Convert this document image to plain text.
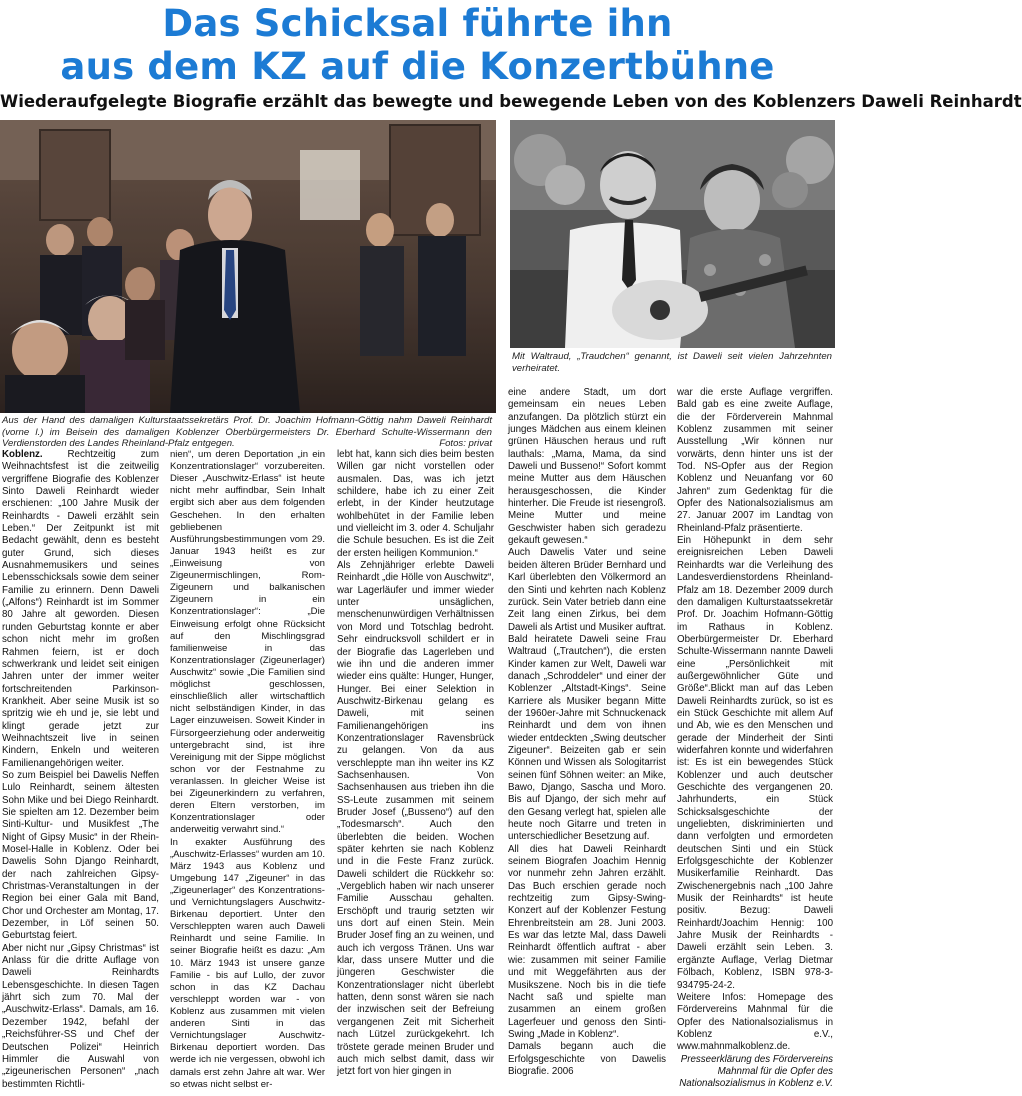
Das Schicksal führte ihn
aus dem KZ auf die Konzertbühne
Wiederaufgelegte Biografie erzählt das bewegte und bewegende Leben von des Koblenzers Daweli Reinhardt
Aus der Hand des damaligen Kulturstaatssekretärs Prof. Dr. Joachim Hofmann-Göttig nahm Daweli Reinhardt (vorne l.) im Beisein des damaligen Koblenzer Oberbürgermeisters Dr. Eberhard Schulte-Wissermann den Verdienstorden des Landes Rheinland-Pfalz entgegen.	Fotos: privat
Mit Waltraud, „Traudchen“ genannt, ist Daweli seit vielen Jahrzehnten verheiratet.

Koblenz. Rechtzeitig zum Weihnachtsfest ist die zeitweilig vergriffene Biografie des Koblenzer Sinto Daweli Reinhardt wieder erschienen: „100 Jahre Musik der Reinhardts - Daweli erzählt sein Leben.“ Der Zeitpunkt ist mit Bedacht gewählt, denn es besteht guter Grund, sich dieses Ausnahmemusikers und seines Lebensschicksals sowie dem seiner Familie zu erinnern. Denn Daweli („Alfons“) Reinhardt ist im Sommer 80 Jahre alt geworden. Diesen runden Geburtstag konnte er aber schon nicht mehr im großen Rahmen feiern, ist er doch schwerkrank und leidet seit einigen Jahren unter der immer weiter fortschreitenden Parkinson-Krankheit. Aber seine Musik ist so spritzig wie eh und je, sie lebt und klingt gerade jetzt zur Weihnachtszeit live in seinen Kindern, Enkeln und weiteren Familienangehörigen weiter.

So zum Beispiel bei Dawelis Neffen Lulo Reinhardt, seinem ältesten Sohn Mike und bei Diego Reinhardt. Sie spielten am 12. Dezember beim Sinti-Kultur- und Musikfest „The Night of Gipsy Music“ in der Rhein-Mosel-Halle in Koblenz. Oder bei Dawelis Sohn Django Reinhardt, der nach zahlreichen Gipsy-Christmas-Veranstaltungen in der Region bei einer Gala mit Band, Chor und Orchester am Montag, 17. Dezember, in Löf seinen 50. Geburtstag feiert.

Aber nicht nur „Gipsy Christmas“ ist Anlass für die dritte Auflage von Daweli Reinhardts Lebensgeschichte. In diesen Tagen jährt sich zum 70. Mal der „Auschwitz-Erlass“. Damals, am 16. Dezember 1942, befahl der „Reichsführer-SS und Chef der Deutschen Polizei“ Heinrich Himmler die Auswahl von „zigeunerischen Personen“ „nach bestimmten Richtli-

nien“, um deren Deportation „in ein Konzentrationslager“ vorzubereiten. Dieser „Auschwitz-Erlass“ ist heute nicht mehr auffindbar, Sein Inhalt ergibt sich aber aus dem folgenden Geschehen. In den erhalten gebliebenen Ausführungsbestimmungen vom 29. Januar 1943 heißt es zur „Einweisung von Zigeunermischlingen, Rom-Zigeunern und balkanischen Zigeunern in ein Konzentrationslager“: „Die Einweisung erfolgt ohne Rücksicht auf den Mischlingsgrad familienweise in das Konzentrationslager (Zigeunerlager) Auschwitz“ sowie „Die Familien sind möglichst geschlossen, einschließlich aller wirtschaftlich nicht selbständigen Kinder, in das Lager einzuweisen. Soweit Kinder in Fürsorgeerziehung oder anderweitig untergebracht sind, ist ihre Vereinigung mit der Sippe möglichst schon vor der Festnahme zu veranlassen. In gleicher Weise ist bei Zigeunerkindern zu verfahren, deren Eltern verstorben, im Konzentrationslager oder anderweitig verwahrt sind.“

In exakter Ausführung des „Auschwitz-Erlasses“ wurden am 10. März 1943 aus Koblenz und Umgebung 147 „Zigeuner“ in das „Zigeunerlager“ des Konzentrations- und Vernichtungslagers Auschwitz-Birkenau deportiert. Unter den Verschleppten waren auch Daweli Reinhardt und seine Familie. In seiner Biografie heißt es dazu: „Am 10. März 1943 ist unsere ganze Familie - bis auf Lullo, der zuvor schon in das KZ Dachau verschleppt worden war - von Koblenz aus zusammen mit vielen anderen Sinti in das Vernichtungslager Auschwitz-Birkenau deportiert worden. Das werde ich nie vergessen, obwohl ich damals erst zehn Jahre alt war. Wer so etwas nicht selbst er-

lebt hat, kann sich dies beim besten Willen gar nicht vorstellen oder ausmalen. Das, was ich jetzt schildere, habe ich zu einer Zeit erlebt, in der Kinder heutzutage wohlbehütet in der Familie leben und vielleicht im 3. oder 4. Schuljahr die Schule besuchen. Es ist die Zeit der ersten heiligen Kommunion.“

Als Zehnjähriger erlebte Daweli Reinhardt „die Hölle von Auschwitz“, war Lagerläufer und immer wieder unter unsäglichen, menschenunwürdigen Verhältnissen von Mord und Totschlag bedroht. Sehr eindrucksvoll schildert er in der Biografie das Lagerleben und wie ihn und die anderen immer wieder eins quälte: Hunger, Hunger, Hunger. Bei einer Selektion in Auschwitz-Birkenau gelang es Daweli, mit seinen Familienangehörigen ins Konzentrationslager Ravensbrück zu gelangen. Von da aus verschleppte man ihn weiter ins KZ Sachsenhausen. Von Sachsenhausen aus trieben ihn die SS-Leute zusammen mit seinem Bruder Josef („Busseno“) auf den „Todesmarsch“. Auch den überlebten die beiden. Wochen später kehrten sie nach Koblenz und in die Feste Franz zurück. Daweli schildert die Rückkehr so: „Vergeblich haben wir nach unserer Familie Ausschau gehalten. Erschöpft und traurig setzten wir uns dort auf einen Stein. Mein Bruder Josef fing an zu weinen, und auch ich vergoss Tränen. Uns war klar, dass unsere Mutter und die jüngeren Geschwister die Konzentrationslager nicht überlebt hatten, denn sonst wären sie nach der inzwischen seit der Befreiung vergangenen Zeit mit Sicherheit nach Lützel zurückgekehrt. Ich tröstete gerade meinen Bruder und auch mich selbst damit, dass wir jetzt fort von hier gingen in

eine andere Stadt, um dort gemeinsam ein neues Leben anzufangen. Da plötzlich stürzt ein junges Mädchen aus einem kleinen grünen Häuschen heraus und ruft lauthals: „Mama, Mama, da sind Daweli und Busseno!“ Sofort kommt meine Mutter aus dem Häuschen herausgeschossen, die Kinder hinterher. Die Freude ist riesengroß. Meine Mutter und meine Geschwister haben sich geradezu gekauft gewesen.“

Auch Dawelis Vater und seine beiden älteren Brüder Bernhard und Karl überlebten den Völkermord an den Sinti und kehrten nach Koblenz zurück. Sein Vater betrieb dann eine Zeit lang einen Zirkus, bei dem Daweli als Artist und Musiker auftrat. Bald heiratete Daweli seine Frau Waltraud („Trautchen“), die ersten Kinder kamen zur Welt, Daweli war danach „Schroddeler“ und einer der Koblenzer „Altstadt-Kings“. Seine Karriere als Musiker begann Mitte der 1960er-Jahre mit Schnuckenack Reinhardt und dem von ihnen wieder entdeckten „Swing deutscher Zigeuner“. Beizeiten gab er sein Können und Wissen als Sologitarrist seinen fünf Söhnen weiter: an Mike, Bawo, Django, Sascha und Moro. Bis auf Django, der sich mehr auf den Gesang verlegt hat, spielen alle heute noch Gitarre und treten in unterschiedlicher Besetzung auf.

All dies hat Daweli Reinhardt seinem Biografen Joachim Hennig vor nunmehr zehn Jahren erzählt. Das Buch erschien gerade noch rechtzeitig zum Gipsy-Swing-Konzert auf der Koblenzer Festung Ehrenbreitstein am 28. Juni 2003. Es war das letzte Mal, dass Daweli Reinhardt öffentlich auftrat - aber wie: zusammen mit seiner Familie und mit Weggefährten aus der Musikszene. Noch bis in die tiefe Nacht saß und spielte man zusammen an einem großen Lagerfeuer und genoss den Sinti-Swing „Made in Koblenz“.

Damals begann auch die Erfolgsgeschichte von Dawelis Biografie. 2006

war die erste Auflage vergriffen. Bald gab es eine zweite Auflage, die der Förderverein Mahnmal Koblenz zusammen mit seiner Ausstellung „Wir können nur vorwärts, denn hinter uns ist der Tod. NS-Opfer aus der Region Koblenz und Neuanfang vor 60 Jahren“ zum Gedenktag für die Opfer des Nationalsozialismus am 27. Januar 2007 im Landtag von Rheinland-Pfalz präsentierte.

Ein Höhepunkt in dem sehr ereignisreichen Leben Daweli Reinhardts war die Verleihung des Landesverdienstordens Rheinland-Pfalz am 18. Dezember 2009 durch den damaligen Kulturstaatssekretär Prof. Dr. Joachim Hofmann-Göttig im Rathaus in Koblenz. Oberbürgermeister Dr. Eberhard Schulte-Wissermann nannte Daweli eine „Persönlichkeit mit außergewöhnlicher Güte und Größe“.Blickt man auf das Leben Daweli Reinhardts zurück, so ist es ein Stück Geschichte mit allem Auf und Ab, wie es den Menschen und gerade der Minderheit der Sinti widerfahren konnte und widerfahren ist: Es ist ein bewegendes Stück Koblenzer und auch deutscher Geschichte des vergangenen 20. Jahrhunderts, ein Stück Schicksalsgeschichte der ungeliebten, diskriminierten und dann verfolgten und ermordeten deutschen Sinti und ein Stück Erfolgsgeschichte der Koblenzer Musikerfamilie Reinhardt. Das Zwischenergebnis nach „100 Jahre Musik der Reinhardts“ ist heute positiv. Bezug: Daweli Reinhardt/Joachim Hennig: 100 Jahre Musik der Reinhardts - Daweli erzählt sein Leben. 3. ergänzte Auflage, Verlag Dietmar Fölbach, Koblenz, ISBN 978-3-934795-24-2.

Weitere Infos: Homepage des Fördervereins Mahnmal für die Opfer des Nationalsozialismus in Koblenz e.V., www.mahnmalkoblenz.de.

Presseerklärung des Fördervereins Mahnmal für die Opfer des Nationalsozialismus in Koblenz e.V.
